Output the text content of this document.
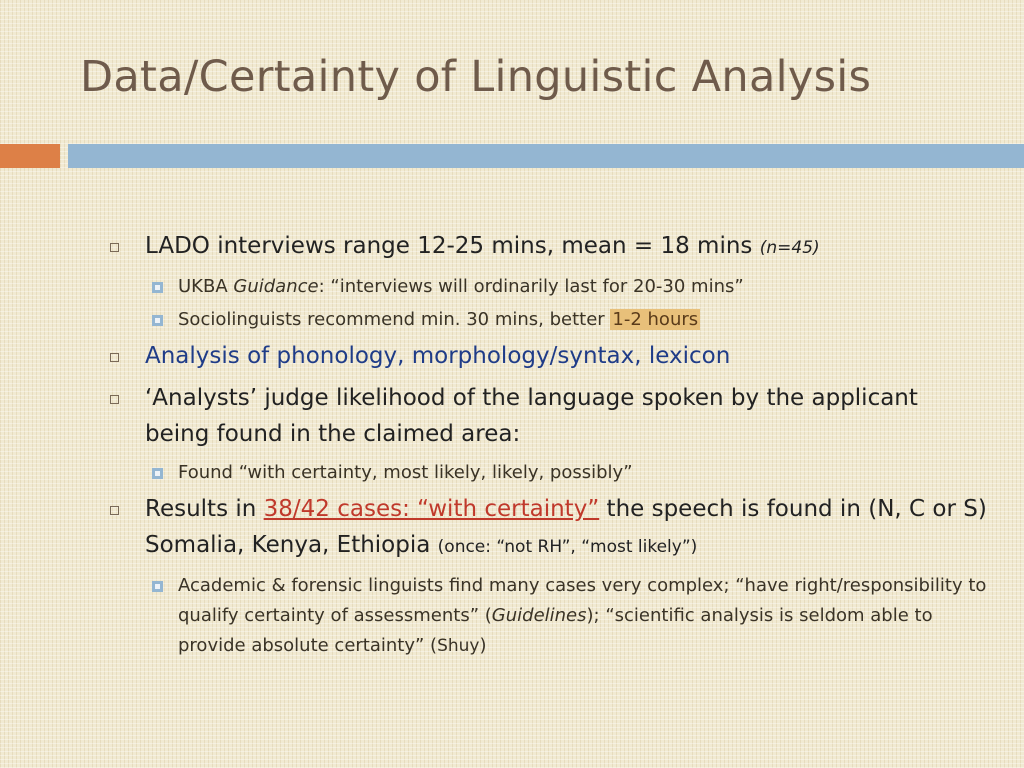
Data/Certainty of Linguistic Analysis
LADO interviews range 12-25 mins, mean = 18 mins (n=45)
UKBA Guidance: “interviews will ordinarily last for 20-30 mins”
Sociolinguists recommend min. 30 mins, better 1-2 hours
Analysis of phonology, morphology/syntax, lexicon
‘Analysts’ judge likelihood of the language spoken by the applicant being found in the claimed area:
Found “with certainty, most likely, likely, possibly”
Results in 38/42 cases: “with certainty” the speech is found in (N, C or S) Somalia, Kenya, Ethiopia (once: “not RH”, “most likely”)
Academic & forensic linguists find many cases very complex; “have right/responsibility to qualify certainty of assessments” (Guidelines); “scientific analysis is seldom able to provide absolute certainty” (Shuy)
